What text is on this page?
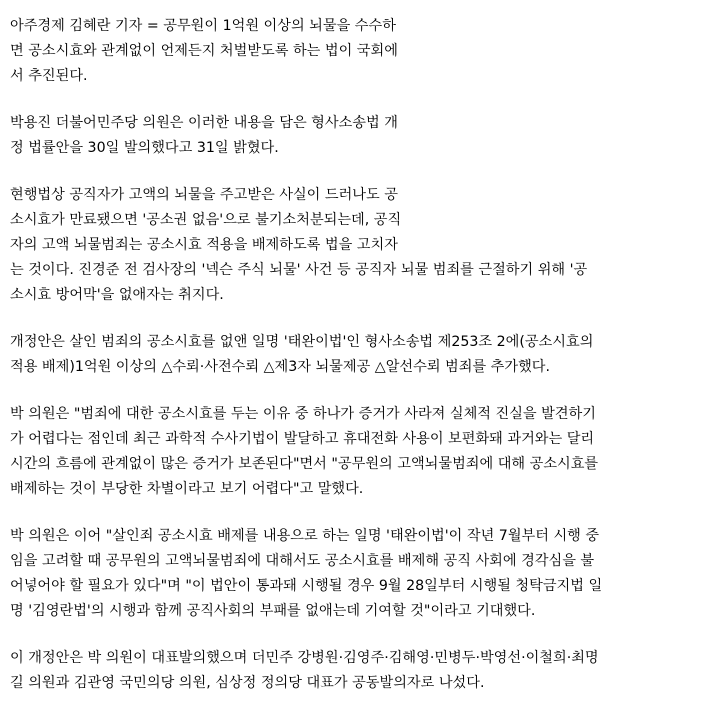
아주경제 김혜란 기자 = 공무원이 1억원 이상의 뇌물을 수수하
면 공소시효와 관계없이 언제든지 처벌받도록 하는 법이 국회에
서 추진된다.
박용진 더불어민주당 의원은 이러한 내용을 담은 형사소송법 개
정 법률안을 30일 발의했다고 31일 밝혔다.
현행법상 공직자가 고액의 뇌물을 주고받은 사실이 드러나도 공
소시효가 만료됐으면 '공소권 없음'으로 불기소처분되는데, 공직
자의 고액 뇌물범죄는 공소시효 적용을 배제하도록 법을 고치자
는 것이다. 진경준 전 검사장의 '넥슨 주식 뇌물' 사건 등 공직자 뇌물 범죄를 근절하기 위해 '공
소시효 방어막'을 없애자는 취지다.
개정안은 살인 범죄의 공소시효를 없앤 일명 '태완이법'인 형사소송법 제253조 2에(공소시효의
적용 배제)1억원 이상의 △수뢰·사전수뢰 △제3자 뇌물제공 △알선수뢰 범죄를 추가했다.
박 의원은 "범죄에 대한 공소시효를 두는 이유 중 하나가 증거가 사라져 실체적 진실을 발견하기
가 어렵다는 점인데 최근 과학적 수사기법이 발달하고 휴대전화 사용이 보편화돼 과거와는 달리
시간의 흐름에 관계없이 많은 증거가 보존된다"면서 "공무원의 고액뇌물범죄에 대해 공소시효를
배제하는 것이 부당한 차별이라고 보기 어렵다"고 말했다.
박 의원은 이어 "살인죄 공소시효 배제를 내용으로 하는 일명 '태완이법'이 작년 7월부터 시행 중
임을 고려할 때 공무원의 고액뇌물범죄에 대해서도 공소시효를 배제해 공직 사회에 경각심을 불
어넣어야 할 필요가 있다"며 "이 법안이 통과돼 시행될 경우 9월 28일부터 시행될 청탁금지법 일
명 '김영란법'의 시행과 함께 공직사회의 부패를 없애는데 기여할 것"이라고 기대했다.
이 개정안은 박 의원이 대표발의했으며 더민주 강병원·김영주·김해영·민병두·박영선·이철희·최명
길 의원과 김관영 국민의당 의원, 심상정 정의당 대표가 공동발의자로 나섰다.
